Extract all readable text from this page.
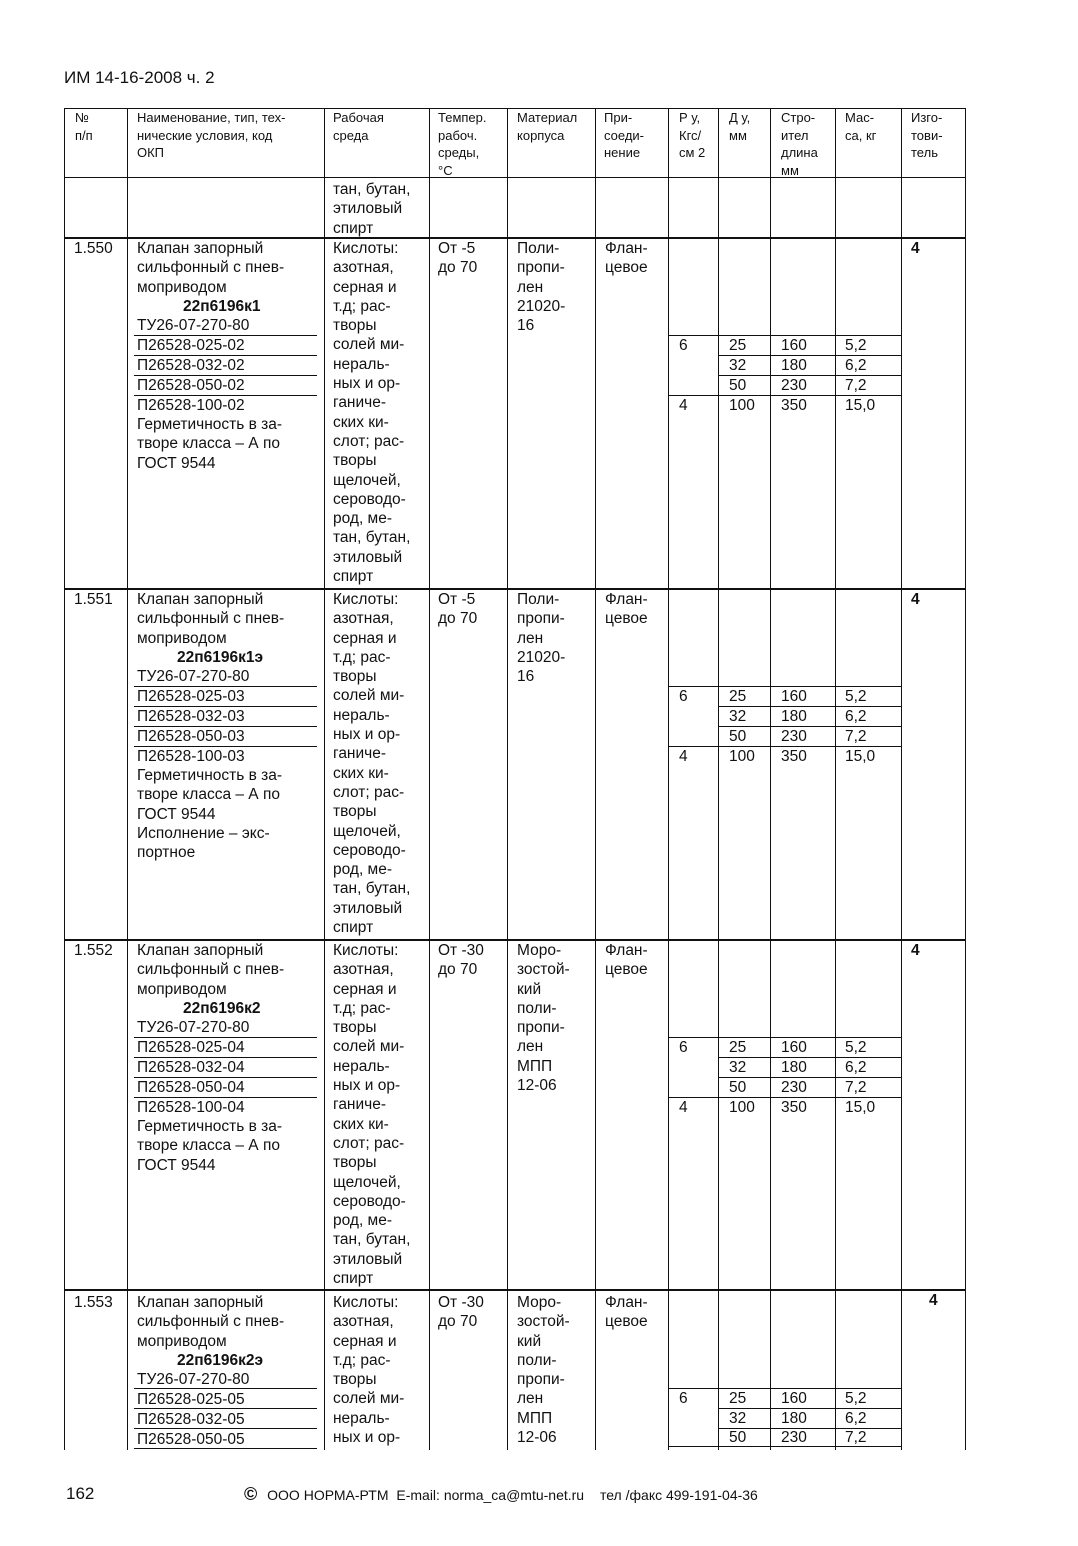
ИМ 14-16-2008 ч. 2
№
п/п
Наименование, тип, тех-
нические условия, код
ОКП
Рабочая
среда
Темпер.
рабоч.
среды,
°С
Материал
корпуса
При-
соеди-
нение
Р у,
Кгс/
см 2
Д у,
мм
Стро-
ител
длина
мм
Мас-
са, кг
Изго-
тови-
тель
тан, бутан,
этиловый
спирт
1.550 Клапан запорный
сильфонный с пнев-
моприводом
22п6196к1
ТУ26-07-270-80
П26528-025-02
П26528-032-02
П26528-050-02
П26528-100-02
Герметичность в за-
творе класса – А по
ГОСТ 9544
Кислоты:
азотная,
серная и
т.д; рас-
творы
солей ми-
нераль-
ных и ор-
ганиче-
ских ки-
слот; рас-
творы
щелочей,
сероводо-
род, ме-
тан, бутан,
этиловый
спирт
От -5
до 70
Поли-
пропи-
лен
21020-
16
Флан-
цевое
6
4
25
32
50
100
160
180
230
350
5,2
6,2
7,2
15,0
4
1.551 Клапан запорный
сильфонный с пнев-
моприводом
22п6196к1э
ТУ26-07-270-80
П26528-025-03
П26528-032-03
П26528-050-03
П26528-100-03
Герметичность в за-
творе класса – А по
ГОСТ 9544
Исполнение – экс-
портное
Кислоты:
азотная,
серная и
т.д; рас-
творы
солей ми-
нераль-
ных и ор-
ганиче-
ских ки-
слот; рас-
творы
щелочей,
сероводо-
род, ме-
тан, бутан,
этиловый
спирт
От -5
до 70
Поли-
пропи-
лен
21020-
16
Флан-
цевое
6
4
25
32
50
100
160
180
230
350
5,2
6,2
7,2
15,0
4
1.552 Клапан запорный
сильфонный с пнев-
моприводом
22п6196к2
ТУ26-07-270-80
П26528-025-04
П26528-032-04
П26528-050-04
П26528-100-04
Герметичность в за-
творе класса – А по
ГОСТ 9544
Кислоты:
азотная,
серная и
т.д; рас-
творы
солей ми-
нераль-
ных и ор-
ганиче-
ских ки-
слот; рас-
творы
щелочей,
сероводо-
род, ме-
тан, бутан,
этиловый
спирт
От -30
до 70
Моро-
зостой-
кий
поли-
пропи-
лен
МПП
12-06
Флан-
цевое
6
4
25
32
50
100
160
180
230
350
5,2
6,2
7,2
15,0
4
1.553 Клапан запорный
сильфонный с пнев-
моприводом
22п6196к2э
ТУ26-07-270-80
П26528-025-05
П26528-032-05
П26528-050-05
Кислоты:
азотная,
серная и
т.д; рас-
творы
солей ми-
нераль-
ных и ор-
От -30
до 70
Моро-
зостой-
кий
поли-
пропи-
лен
МПП
12-06
Флан-
цевое
6	25
32
50
160
180
230
5,2
6,2
7,2
4
162	© ООО НОРМА-РТМ E-mail: norma_ca@mtu-net.ru тел /факс 499-191-04-36
